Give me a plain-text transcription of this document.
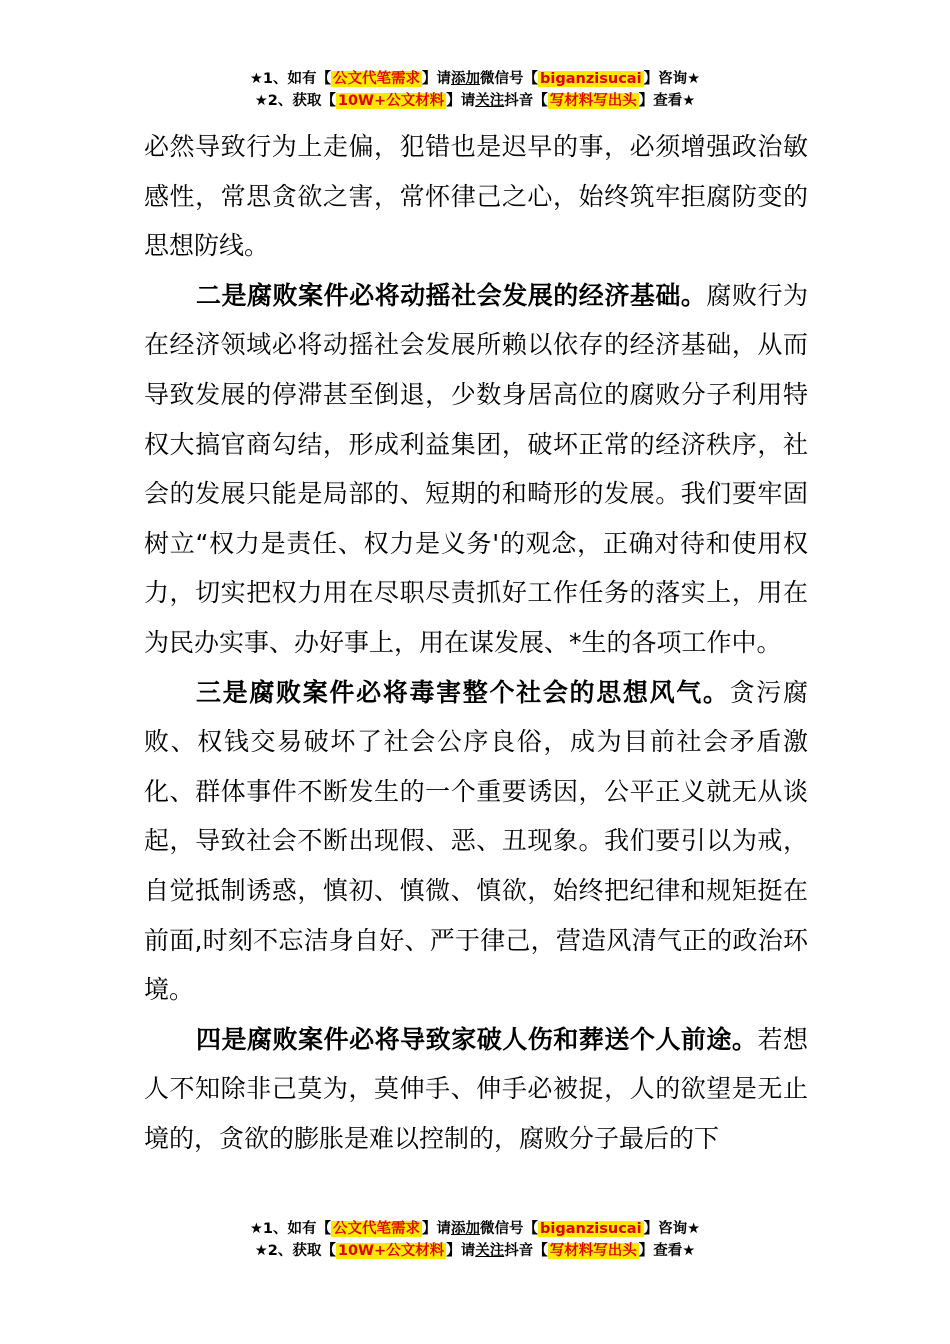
★1、如有【 公文代笔需求 】请添加微信号【 biganzisucai 】咨询★
★2、获取【 10W+公文材料 】请关注抖音【 写材料写出头 】查看★

必然导致行为上走偏，犯错也是迟早的事，必须增强政治敏感性，常思贪欲之害，常怀律己之心，始终筑牢拒腐防变的思想防线。

二是腐败案件必将动摇社会发展的经济基础。腐败行为在经济领域必将动摇社会发展所赖以依存的经济基础，从而导致发展的停滞甚至倒退，少数身居高位的腐败分子利用特权大搞官商勾结，形成利益集团，破坏正常的经济秩序，社会的发展只能是局部的、短期的和畸形的发展。我们要牢固树立“权力是责任、权力是义务'的观念，正确对待和使用权力，切实把权力用在尽职尽责抓好工作任务的落实上，用在为民办实事、办好事上，用在谋发展、*生的各项工作中。

三是腐败案件必将毒害整个社会的思想风气。贪污腐败、权钱交易破坏了社会公序良俗，成为目前社会矛盾激化、群体事件不断发生的一个重要诱因，公平正义就无从谈起，导致社会不断出现假、恶、丑现象。我们要引以为戒，自觉抵制诱惑，慎初、慎微、慎欲，始终把纪律和规矩挺在前面,时刻不忘洁身自好、严于律己，营造风清气正的政治环境。

四是腐败案件必将导致家破人伤和葬送个人前途。若想人不知除非己莫为，莫伸手、伸手必被捉，人的欲望是无止境的，贪欲的膨胀是难以控制的，腐败分子最后的下

★1、如有【 公文代笔需求 】请添加微信号【 biganzisucai 】咨询★
★2、获取【 10W+公文材料 】请关注抖音【 写材料写出头 】查看★
